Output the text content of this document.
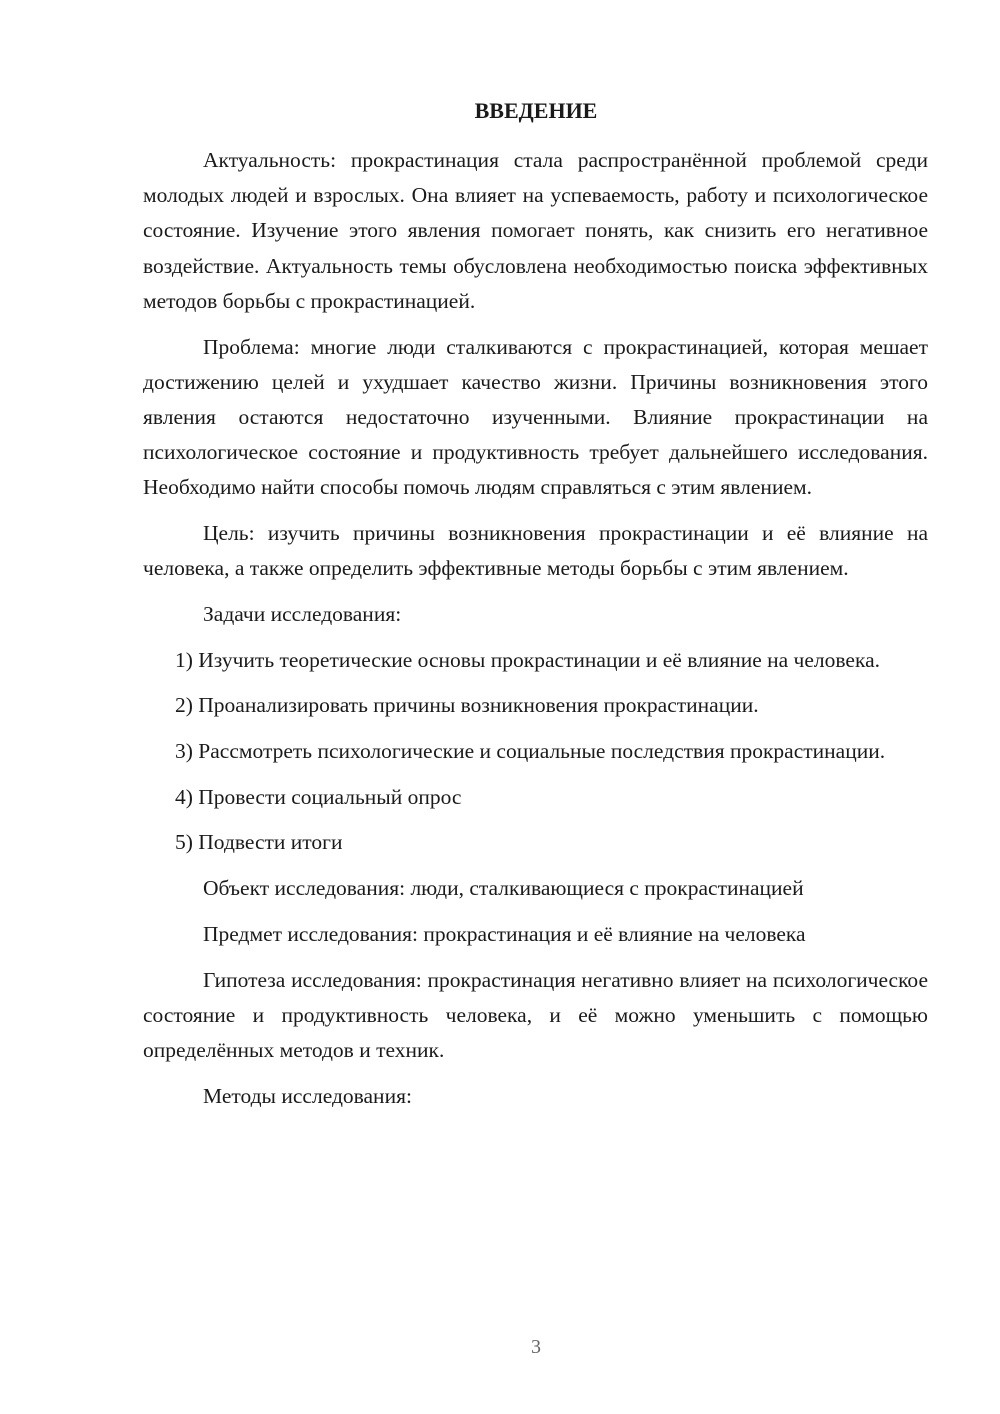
ВВЕДЕНИЕ

Актуальность: прокрастинация стала распространённой проблемой среди молодых людей и взрослых. Она влияет на успеваемость, работу и психологическое состояние. Изучение этого явления помогает понять, как снизить его негативное воздействие. Актуальность темы обусловлена необходимостью поиска эффективных методов борьбы с прокрастинацией.

Проблема: многие люди сталкиваются с прокрастинацией, которая мешает достижению целей и ухудшает качество жизни. Причины возникновения этого явления остаются недостаточно изученными. Влияние прокрастинации на психологическое состояние и продуктивность требует дальнейшего исследования. Необходимо найти способы помочь людям справляться с этим явлением.

Цель: изучить причины возникновения прокрастинации и её влияние на человека, а также определить эффективные методы борьбы с этим явлением.

Задачи исследования:

1) Изучить теоретические основы прокрастинации и её влияние на человека.

2) Проанализировать причины возникновения прокрастинации.

3) Рассмотреть психологические и социальные последствия прокрастинации.

4) Провести социальный опрос

5) Подвести итоги

Объект исследования: люди, сталкивающиеся с прокрастинацией

Предмет исследования: прокрастинация и её влияние на человека

Гипотеза исследования: прокрастинация негативно влияет на психологическое состояние и продуктивность человека, и её можно уменьшить с помощью определённых методов и техник.

Методы исследования:

3
